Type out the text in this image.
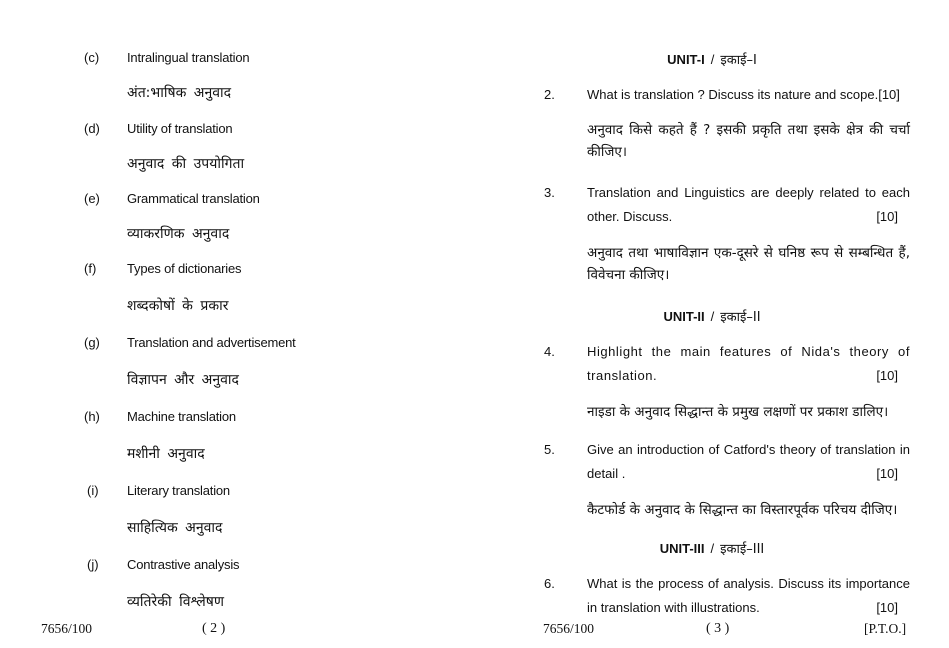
(c) Intralingual translation
अंत:भाषिक अनुवाद
(d) Utility of translation
अनुवाद की उपयोगिता
(e) Grammatical translation
व्याकरणिक अनुवाद
(f) Types of dictionaries
शब्दकोषों के प्रकार
(g) Translation and advertisement
विज्ञापन और अनुवाद
(h) Machine translation
मशीनी अनुवाद
(i) Literary translation
साहित्यिक अनुवाद
(j) Contrastive analysis
व्यतिरेकी विश्लेषण
7656/100	( 2 )
UNIT-I / इकाई–I
2. What is translation ? Discuss its nature and scope.[10]
अनुवाद किसे कहते हैं ? इसकी प्रकृति तथा इसके क्षेत्र की चर्चा कीजिए।
3. Translation and Linguistics are deeply related to each other. Discuss.	[10]
अनुवाद तथा भाषाविज्ञान एक-दूसरे से घनिष्ठ रूप से सम्बन्धित हैं, विवेचना कीजिए।
UNIT-II / इकाई–II
4. Highlight the main features of Nida's theory of translation.	[10]
नाइडा के अनुवाद सिद्धान्त के प्रमुख लक्षणों पर प्रकाश डालिए।
5. Give an introduction of Catford's theory of translation in detail .	[10]
कैटफोर्ड के अनुवाद के सिद्धान्त का विस्तारपूर्वक परिचय दीजिए।
UNIT-III / इकाई–III
6. What is the process of analysis. Discuss its importance in translation with illustrations.	[10]
7656/100	( 3 )	[P.T.O.]
